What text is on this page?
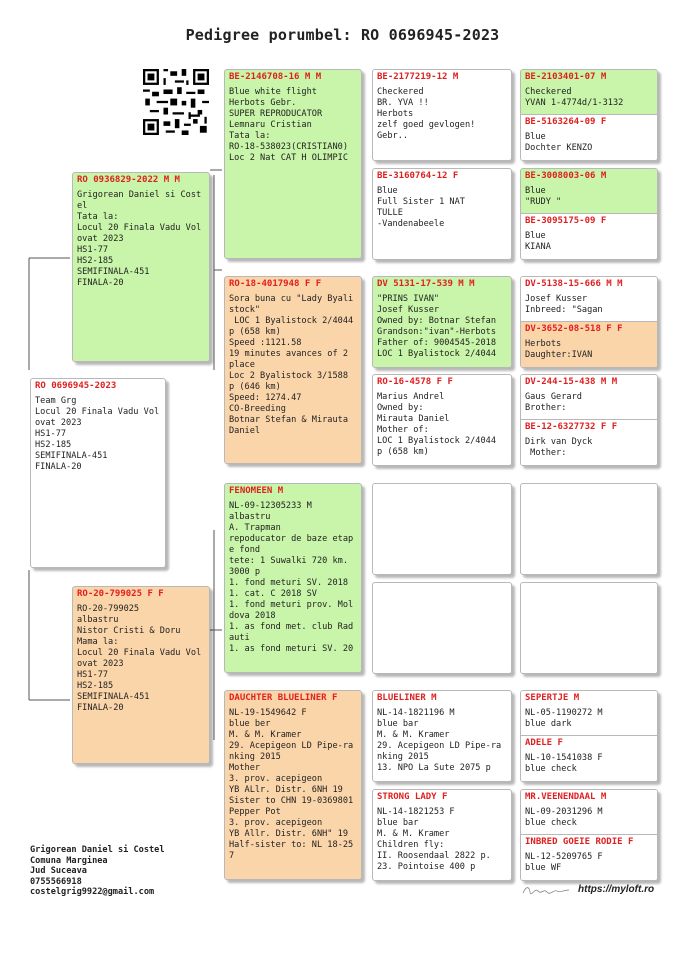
Pedigree porumbel: RO 0696945-2023
RO 0696945-2023
Team Grg
Locul 20 Finala Vadu Vol
ovat 2023
HS1-77
HS2-185
SEMIFINALA-451
FINALA-20
RO 0936829-2022 M M
Grigorean Daniel si Cost
el
Tata la:
Locul 20 Finala Vadu Vol
ovat 2023
HS1-77
HS2-185
SEMIFINALA-451
FINALA-20
RO-20-799025 F F
RO-20-799025
albastru
Nistor Cristi & Doru
Mama la:
Locul 20 Finala Vadu Vol
ovat 2023
HS1-77
HS2-185
SEMIFINALA-451
FINALA-20
BE-2146708-16 M M
Blue white flight
Herbots Gebr.
SUPER REPRODUCATOR
Lemnaru Cristian
Tata la:
RO-18-538023(CRISTIAN0)
Loc 2 Nat CAT H OLIMPIC
RO-18-4017948 F F
Sora buna cu "Lady Byali
stock"
LOC 1 Byalistock 2/4044
p (658 km)
Speed :1121.58
19 minutes avances of 2
place
Loc 2 Byalistock 3/1588
p (646 km)
Speed: 1274.47
CO-Breeding
Botnar Stefan & Mirauta
Daniel
FENOMEEN M
NL-09-12305233 M
albastru
A. Trapman
repoducator de baze etap
e fond
tete: 1 Suwalki 720 km.
3000 p
1. fond meturi SV. 2018
1. cat. C 2018 SV
1. fond meturi prov. Mol
dova 2018
1. as fond met. club Rad
auti
1. as fond meturi SV. 20
DAUCHTER BLUELINER F
NL-19-1549642 F
blue ber
M. & M. Kramer
29. Acepigeon LD Pipe-ra
nking 2015
Mother
3. prov. acepigeon
YB ALlr. Distr. 6NH 19
Sister to CHN 19-0369801
Pepper Pot
3. prov. acepigeon
YB Allr. Distr. 6NH" 19
Half-sister to: NL 18-25
7
BE-2177219-12 M
Checkered
BR. YVA !!
Herbots
zelf goed gevlogen!
Gebr..
BE-3160764-12 F
Blue
Full Sister 1 NAT
TULLE
-Vandenabeele
DV 5131-17-539 M M
"PRINS IVAN"
Josef Kusser
Owned by: Botnar Stefan
Grandson:"ivan"-Herbots
Father of: 9004545-2018
LOC 1 Byalistock 2/4044
RO-16-4578 F F
Marius Andrel
Owned by:
Mirauta Daniel
Mother of:
LOC 1 Byalistock 2/4044
p (658 km)
BLUELINER M
NL-14-1821196 M
blue bar
M. & M. Kramer
29. Acepigeon LD Pipe-ra
nking 2015
13. NPO La Sute 2075 p
STRONG LADY F
NL-14-1821253 F
blue bar
M. & M. Kramer
Children fly:
II. Roosendaal 2822 p.
23. Pointoise 400 p
BE-2103401-07 M
Checkered
YVAN 1-4774d/1-3132
BE-5163264-09 F
Blue
Dochter KENZO
BE-3008003-06 M
Blue
"RUDY "
BE-3095175-09 F
Blue
KIANA
DV-5138-15-666 M M
Josef Kusser
Inbreed: "Sagan
DV-3652-08-518 F F
Herbots
Daughter:IVAN
DV-244-15-438 M M
Gaus Gerard
Brother:
BE-12-6327732 F F
Dirk van Dyck
Mother:
SEPERTJE M
NL-05-1190272 M
blue dark
ADELE F
NL-10-1541038 F
blue check
MR.VEENENDAAL M
NL-09-2031296 M
blue check
INBRED GOEIE RODIE F
NL-12-5209765 F
blue WF
Grigorean Daniel si Costel
Comuna Marginea
Jud Suceava
0755566918
costelgrig9922@gmail.com	https://myloft.ro
